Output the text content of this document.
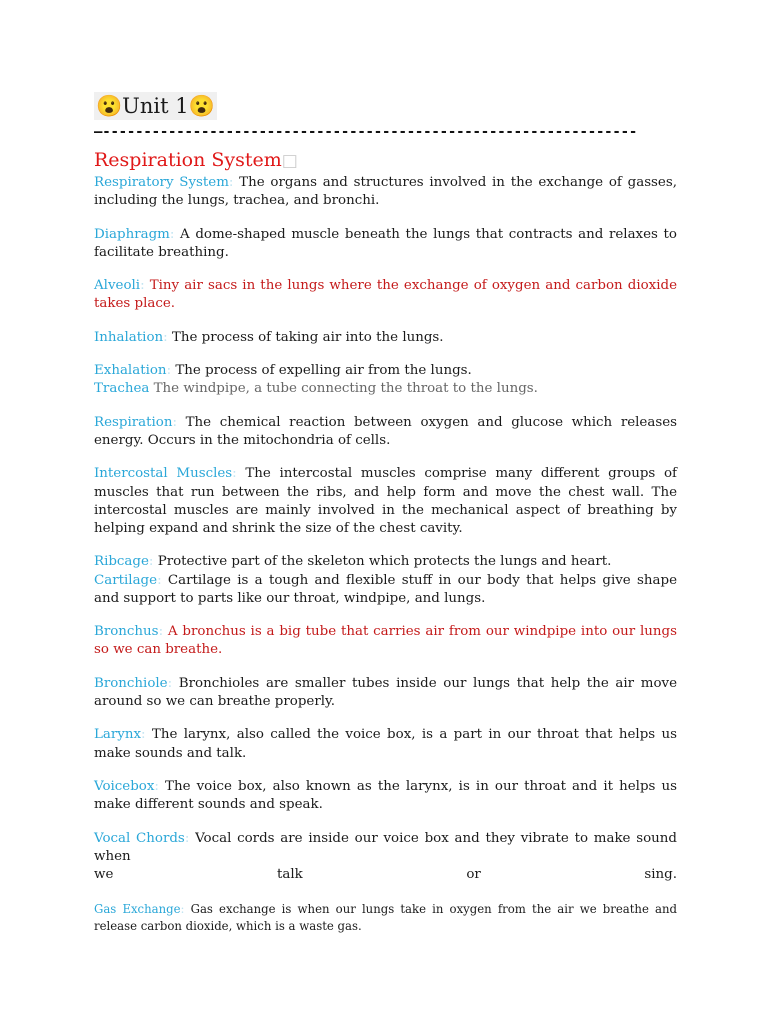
😮Unit 1😮
—-----------------------------------------------------------------
Respiration System□
Respiratory System: The organs and structures involved in the exchange of gasses, including the lungs, trachea, and bronchi.
Diaphragm: A dome-shaped muscle beneath the lungs that contracts and relaxes to facilitate breathing.
Alveoli: Tiny air sacs in the lungs where the exchange of oxygen and carbon dioxide takes place.
Inhalation: The process of taking air into the lungs.
Exhalation: The process of expelling air from the lungs.
Trachea The windpipe, a tube connecting the throat to the lungs.
Respiration: The chemical reaction between oxygen and glucose which releases energy. Occurs in the mitochondria of cells.
Intercostal Muscles: The intercostal muscles comprise many different groups of muscles that run between the ribs, and help form and move the chest wall. The intercostal muscles are mainly involved in the mechanical aspect of breathing by helping expand and shrink the size of the chest cavity.
Ribcage: Protective part of the skeleton which protects the lungs and heart.
Cartilage: Cartilage is a tough and flexible stuff in our body that helps give shape and support to parts like our throat, windpipe, and lungs.
Bronchus: A bronchus is a big tube that carries air from our windpipe into our lungs so we can breathe.
Bronchiole: Bronchioles are smaller tubes inside our lungs that help the air move around so we can breathe properly.
Larynx: The larynx, also called the voice box, is a part in our throat that helps us make sounds and talk.
Voicebox: The voice box, also known as the larynx, is in our throat and it helps us make different sounds and speak.
Vocal Chords: Vocal cords are inside our voice box and they vibrate to make sound when
we	talk	or	sing.
Gas Exchange: Gas exchange is when our lungs take in oxygen from the air we breathe and release carbon dioxide, which is a waste gas.
